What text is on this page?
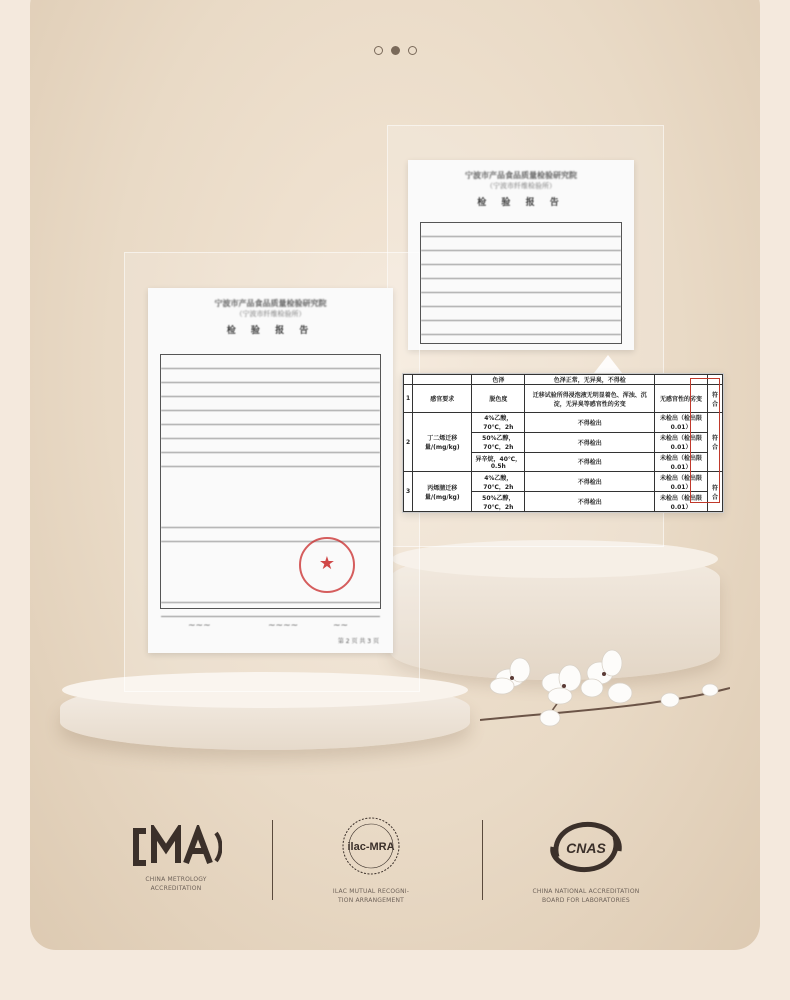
宁波市产品食品质量检验研究院
（宁波市纤维检验所）
检 验 报 告
宁波市产品食品质量检验研究院
（宁波市纤维检验所）
检 验 报 告
★
~~~	~~~~	~~
第 2 页 共 3 页
		色泽	色泽正常，无异臭，不得检		
1	感官要求	脱色度	迁移试验所得浸泡液无明显着色、浑浊、沉淀，无异臭等感官性的劣变	无感官性的劣变	符合
2	丁二烯迁移量/(mg/kg)	4%乙酸，70℃，2h	不得检出	未检出（检出限0.01）	符合
		50%乙醇，70℃，2h	不得检出	未检出（检出限0.01）	
		异辛烷，40℃，0.5h	不得检出	未检出（检出限0.01）	
3	丙烯腈迁移量/(mg/kg)	4%乙酸，70℃，2h	不得检出	未检出（检出限0.01）	符合
		50%乙醇，70℃，2h	不得检出	未检出（检出限0.01）	
CHINA METROLOGY
ACCREDITATION
ilac-MRA
ILAC MUTUAL RECOGNI-
TION ARRANGEMENT
CNAS
CHINA NATIONAL ACCREDITATION
BOARD FOR LABORATORIES
